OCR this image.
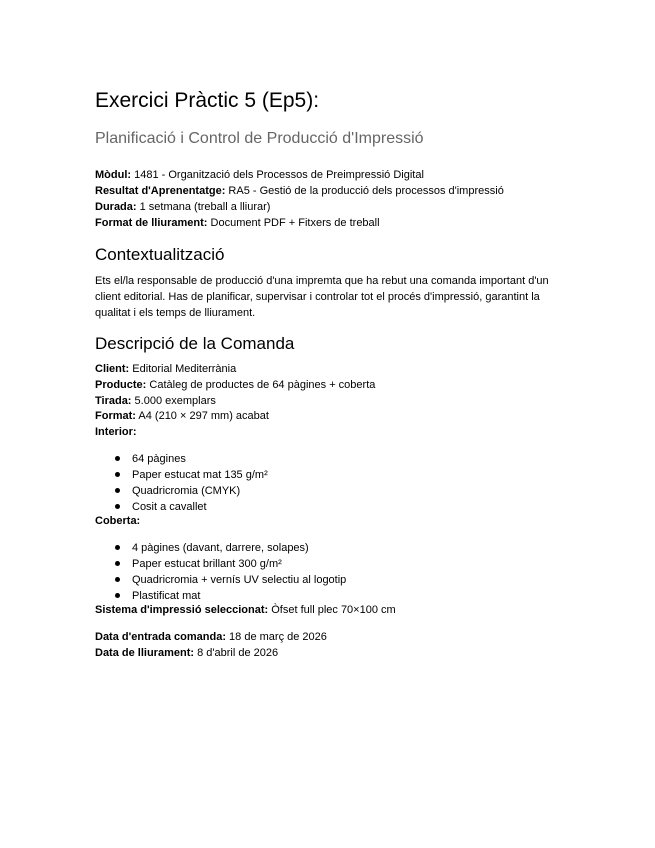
Exercici Pràctic 5 (Ep5):
Planificació i Control de Producció d'Impressió
Mòdul: 1481 - Organització dels Processos de Preimpressió Digital
Resultat d'Aprenentatge: RA5 - Gestió de la producció dels processos d'impressió
Durada: 1 setmana (treball a lliurar)
Format de lliurament: Document PDF + Fitxers de treball
Contextualització
Ets el/la responsable de producció d'una impremta que ha rebut una comanda important d'un client editorial. Has de planificar, supervisar i controlar tot el procés d'impressió, garantint la qualitat i els temps de lliurament.
Descripció de la Comanda
Client: Editorial Mediterrània
Producte: Catàleg de productes de 64 pàgines + coberta
Tirada: 5.000 exemplars
Format: A4 (210 × 297 mm) acabat
Interior:
64 pàgines
Paper estucat mat 135 g/m²
Quadricromia (CMYK)
Cosit a cavallet
Coberta:
4 pàgines (davant, darrere, solapes)
Paper estucat brillant 300 g/m²
Quadricromia + vernís UV selectiu al logotip
Plastificat mat
Sistema d'impressió seleccionat: Òfset full plec 70×100 cm
Data d'entrada comanda: 18 de març de 2026
Data de lliurament: 8 d'abril de 2026
